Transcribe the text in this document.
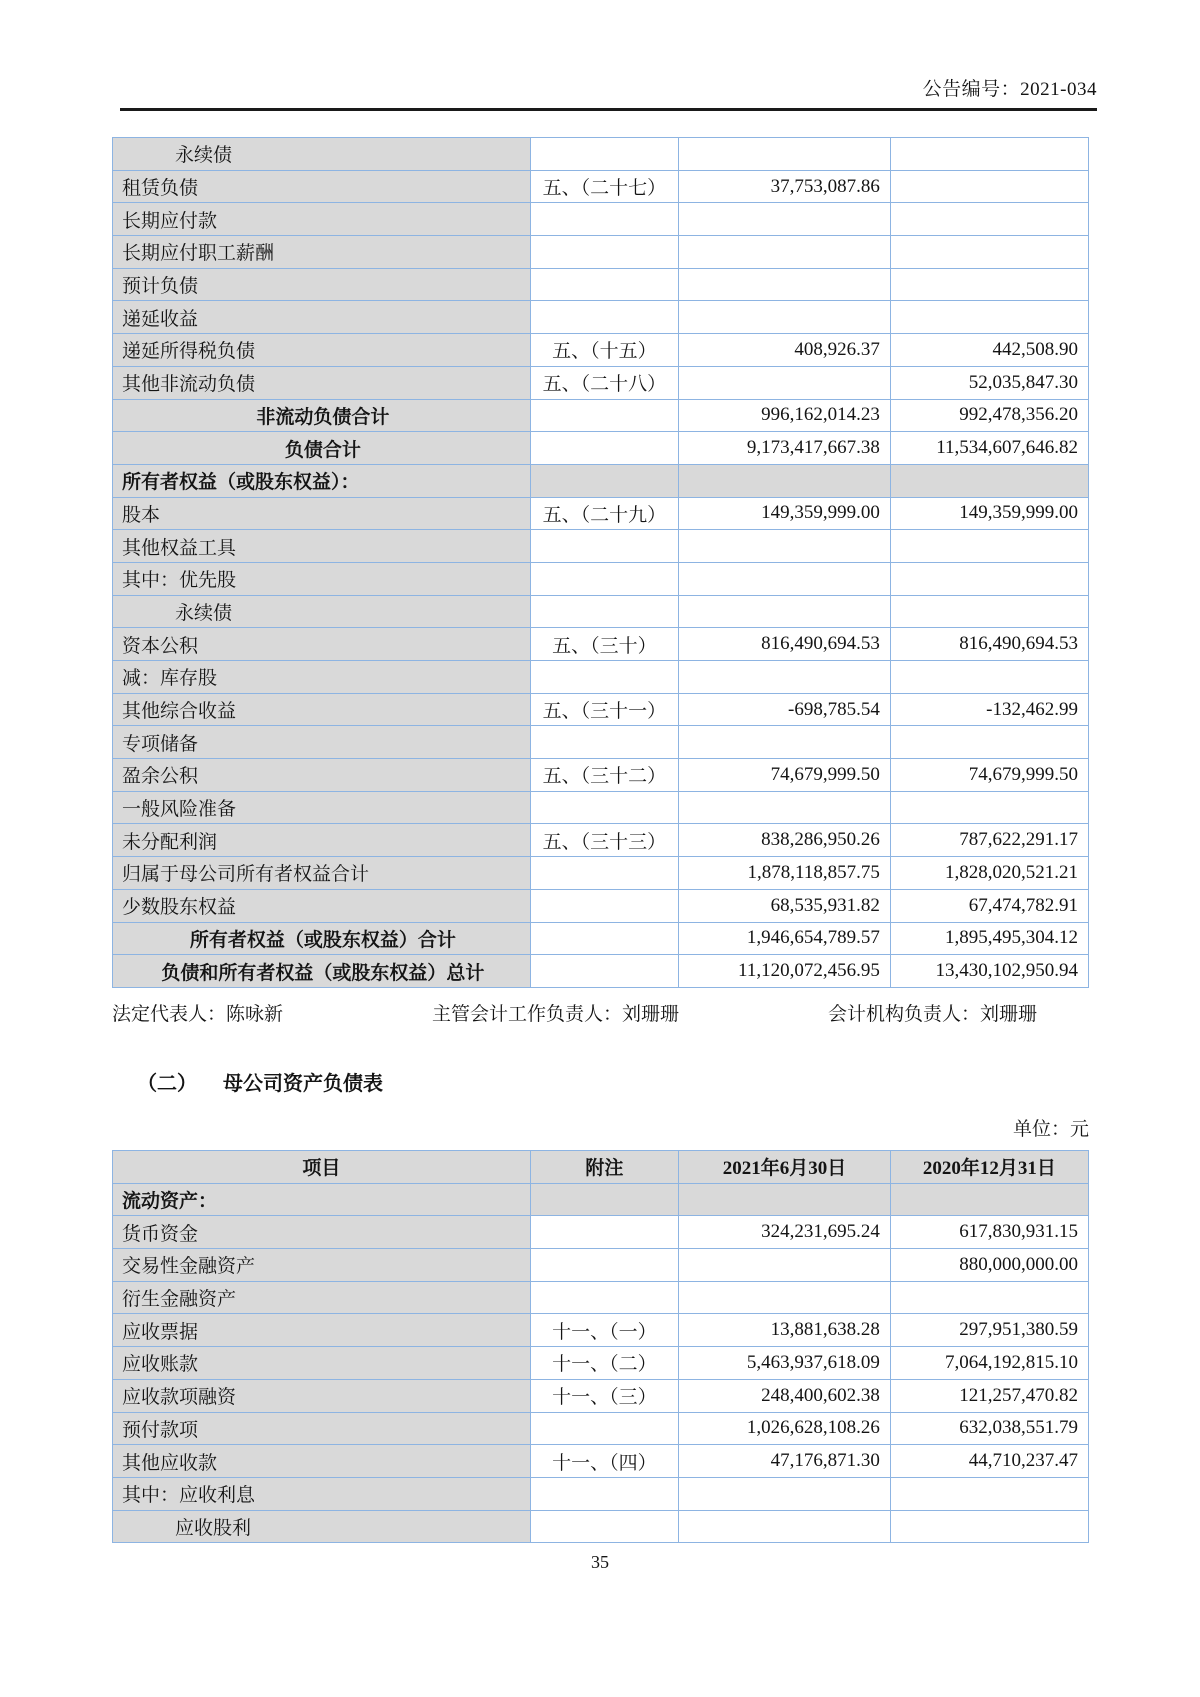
公告编号：2021-034
永续债			
租赁负债	五、（二十七）	37,753,087.86	
长期应付款			
长期应付职工薪酬			
预计负债			
递延收益			
递延所得税负债	五、（十五）	408,926.37	442,508.90
其他非流动负债	五、（二十八）		52,035,847.30
非流动负债合计		996,162,014.23	992,478,356.20
负债合计		9,173,417,667.38	11,534,607,646.82
所有者权益（或股东权益）：			
股本	五、（二十九）	149,359,999.00	149,359,999.00
其他权益工具			
其中：优先股			
永续债			
资本公积	五、（三十）	816,490,694.53	816,490,694.53
减：库存股			
其他综合收益	五、（三十一）	-698,785.54	-132,462.99
专项储备			
盈余公积	五、（三十二）	74,679,999.50	74,679,999.50
一般风险准备			
未分配利润	五、（三十三）	838,286,950.26	787,622,291.17
归属于母公司所有者权益合计		1,878,118,857.75	1,828,020,521.21
少数股东权益		68,535,931.82	67,474,782.91
所有者权益（或股东权益）合计		1,946,654,789.57	1,895,495,304.12
负债和所有者权益（或股东权益）总计		11,120,072,456.95	13,430,102,950.94
法定代表人：陈咏新	主管会计工作负责人：刘珊珊	会计机构负责人：刘珊珊
（二） 母公司资产负债表
单位：元
项目	附注	2021年6月30日	2020年12月31日
流动资产：			
货币资金		324,231,695.24	617,830,931.15
交易性金融资产			880,000,000.00
衍生金融资产			
应收票据	十一、（一）	13,881,638.28	297,951,380.59
应收账款	十一、（二）	5,463,937,618.09	7,064,192,815.10
应收款项融资	十一、（三）	248,400,602.38	121,257,470.82
预付款项		1,026,628,108.26	632,038,551.79
其他应收款	十一、（四）	47,176,871.30	44,710,237.47
其中：应收利息			
应收股利			
35
